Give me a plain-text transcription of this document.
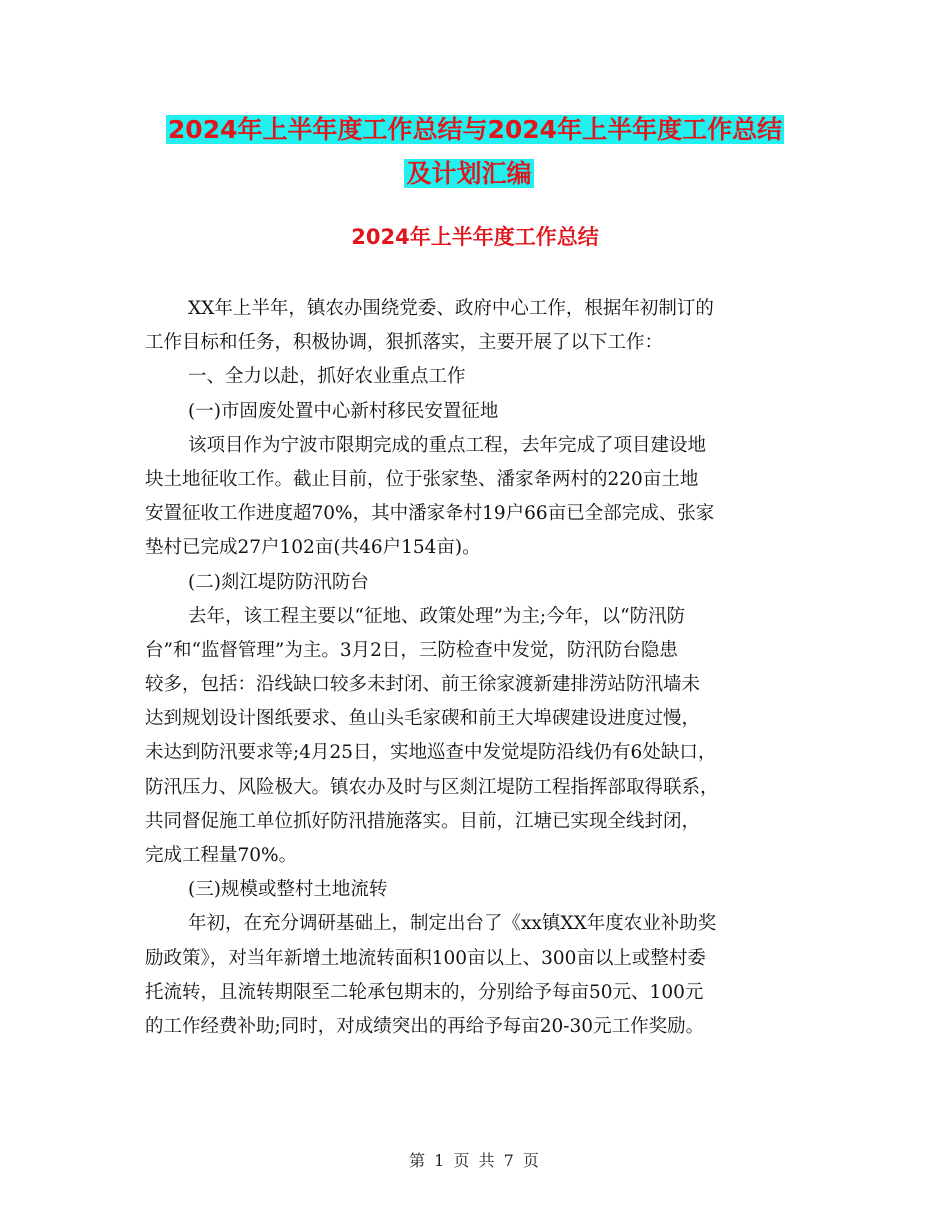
2024年上半年度工作总结与2024年上半年度工作总结
及计划汇编
2024年上半年度工作总结
XX年上半年，镇农办围绕党委、政府中心工作，根据年初制订的
工作目标和任务，积极协调，狠抓落实，主要开展了以下工作：
一、全力以赴，抓好农业重点工作
(一)市固废处置中心新村移民安置征地
该项目作为宁波市限期完成的重点工程，去年完成了项目建设地
块土地征收工作。截止目前，位于张家垫、潘家夅两村的220亩土地
安置征收工作进度超70%，其中潘家夅村19户66亩已全部完成、张家
垫村已完成27户102亩(共46户154亩)。
(二)剡江堤防防汛防台
去年，该工程主要以“征地、政策处理”为主;今年，以“防汛防
台”和“监督管理”为主。3月2日，三防检查中发觉，防汛防台隐患
较多，包括：沿线缺口较多未封闭、前王徐家渡新建排涝站防汛墙未
达到规划设计图纸要求、鱼山头毛家碶和前王大埠碶建设进度过慢，
未达到防汛要求等;4月25日，实地巡查中发觉堤防沿线仍有6处缺口，
防汛压力、风险极大。镇农办及时与区剡江堤防工程指挥部取得联系，
共同督促施工单位抓好防汛措施落实。目前，江塘已实现全线封闭，
完成工程量70%。
(三)规模或整村土地流转
年初，在充分调研基础上，制定出台了《xx镇XX年度农业补助奖
励政策》，对当年新增土地流转面积100亩以上、300亩以上或整村委
托流转，且流转期限至二轮承包期末的，分别给予每亩50元、100元
的工作经费补助;同时，对成绩突出的再给予每亩20-30元工作奖励。
第 1 页 共 7 页
